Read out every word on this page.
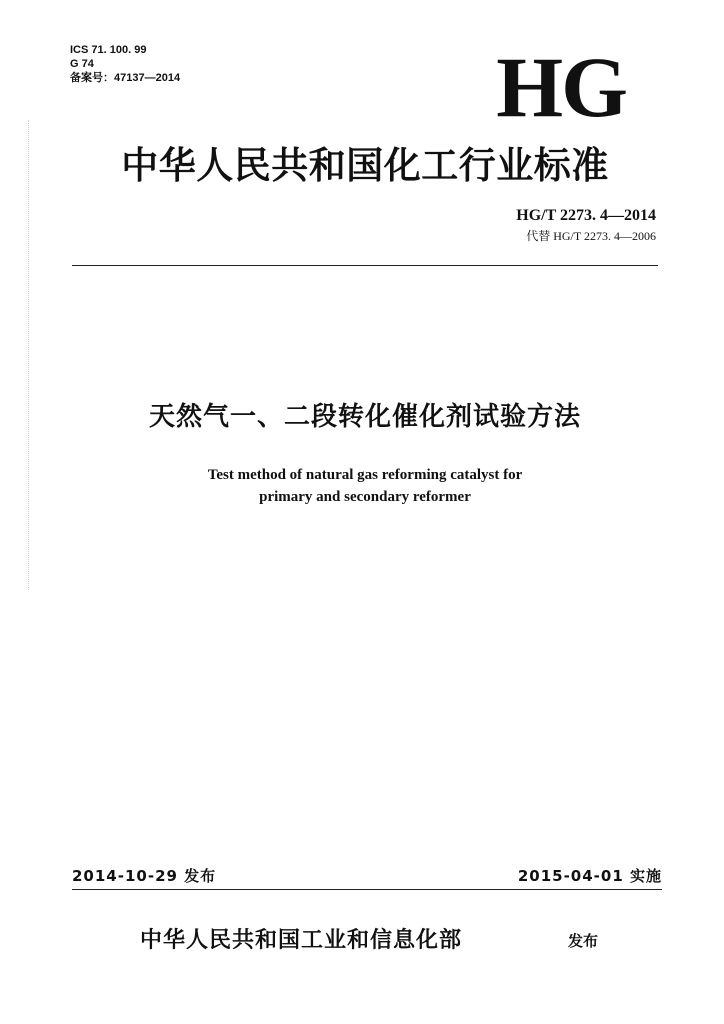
ICS 71. 100. 99
G 74
备案号：47137—2014	HG
中华人民共和国化工行业标准
HG/T 2273. 4—2014
代替 HG/T 2273. 4—2006
天然气一、二段转化催化剂试验方法
Test method of natural gas reforming catalyst for
primary and secondary reformer
2014-10-29 发布	2015-04-01 实施
中华人民共和国工业和信息化部	发布
